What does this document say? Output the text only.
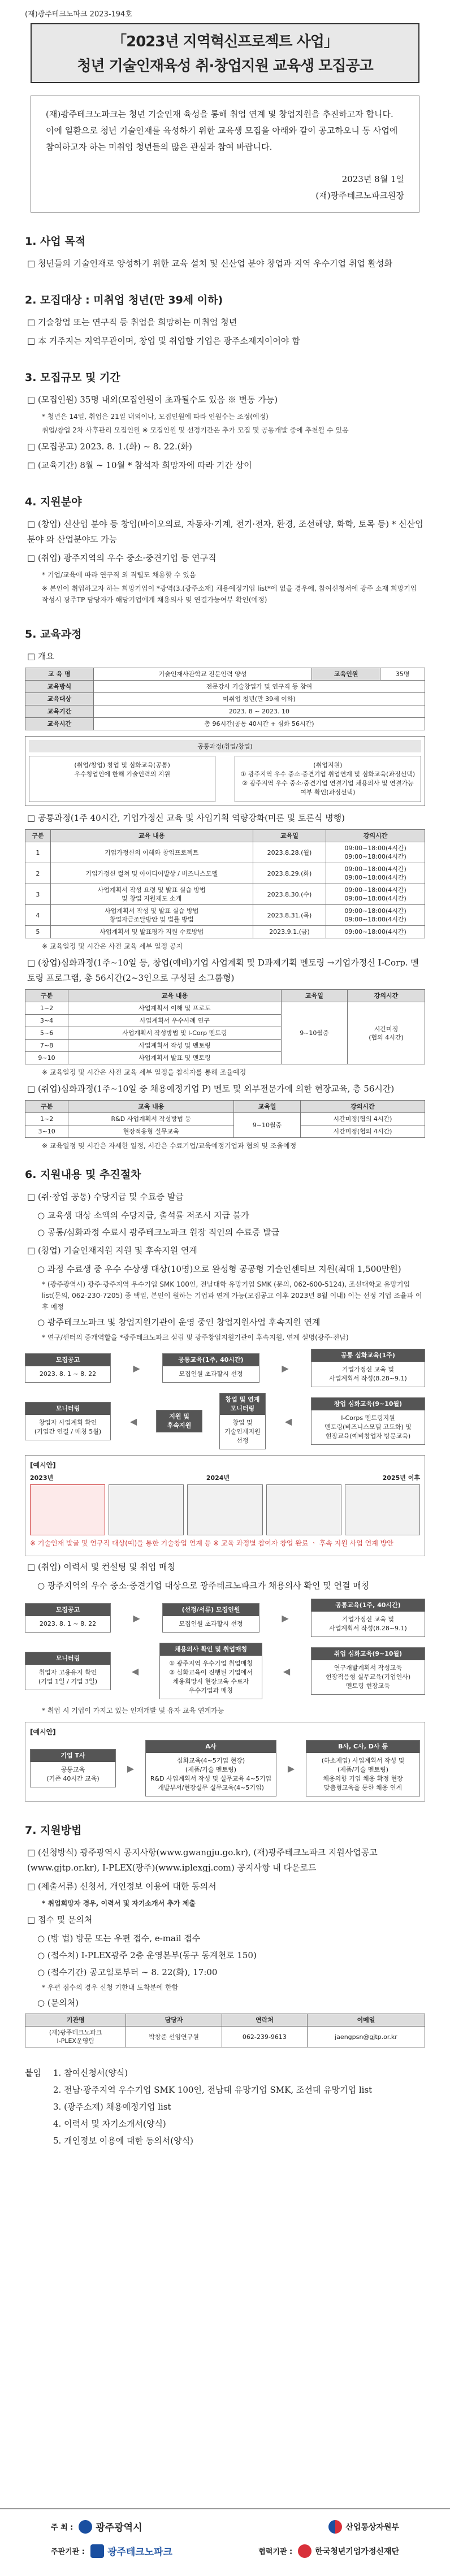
(재)광주테크노파크 2023-194호
「2023년 지역혁신프로젝트 사업」
청년 기술인재육성 취·창업지원 교육생 모집공고
(재)광주테크노파크는 청년 기술인재 육성을 통해 취업 연계 및 창업지원을 추진하고자 합니다. 이에 일환으로 청년 기술인재를 육성하기 위한 교육생 모집을 아래와 같이 공고하오니 동 사업에 참여하고자 하는 미취업 청년들의 많은 관심과 참여 바랍니다.
2023년 8월 1일
(재)광주테크노파크원장
1. 사업 목적
□ 청년들의 기술인재로 양성하기 위한 교육 설치 및 신산업 분야 창업과 지역 우수기업 취업 활성화
2. 모집대상 : 미취업 청년(만 39세 이하)
□ 기술창업 또는 연구직 등 취업을 희망하는 미취업 청년
□ 本 거주지는 지역무관이며, 창업 및 취업할 기업은 광주소재지이어야 함
3. 모집규모 및 기간
□ (모집인원) 35명 내외(모집인원이 초과될수도 있음 ※ 변동 가능)
* 청년은 14일, 취업은 21일 내외이나, 모집인원에 따라 인원수는 조정(예정)
취업/창업 2차 사후관리 모집인원 ※ 모집인원 및 선정기간은 추가 모집 및 공동개발 중에 추천될 수 있음
□ (모집공고) 2023. 8. 1.(화) ~ 8. 22.(화)
□ (교육기간) 8월 ~ 10월 * 참석자 희망자에 따라 기간 상이
4. 지원분야
□ (창업) 신산업 분야 등 창업(바이오의료, 자동차·기계, 전기·전자, 환경, 조선해양, 화학, 토목 등) * 신산업분야 와 산업분야도 가능
□ (취업) 광주지역의 우수 중소·중견기업 등 연구직
* 기업/교육에 따라 연구직 외 직렬도 채용할 수 있음
※ 본인이 취업하고자 하는 희망기업이 *광역(3.(광주소재) 채용예정기업 list*에 없을 경우에, 참여신청서에 광주 소재 희망기업 작성시 광주TP 담당자가 해당기업에게 채용의사 및 연결가능여부 확인(예정)
5. 교육과정
□ 개요
교 육 명	기술인재사관학교 전문인력 양성	교육인원	35명
교육방식	전문강사 기술창업가 및 연구직 등 참여		
교육대상	미취업 청년(만 39세 이하)		
교육기간	2023. 8 ~ 2023. 10		
교육시간	총 96시간(공통 40시간 + 심화 56시간)		
공통과정(취업/창업)
(취업/창업) 창업 및 심화교육(공통)
우수청업인에 한해 기술인력의 지원
(취업지원)
① 광주지역 우수 중소·중견기업 취업연계 및 심화교육(과정선택)
② 광주지역 우수 중소·중견기업 연결기업 채용의사 및 연결가능여부 확인(과정선택)
□ 공통과정(1주 40시간, 기업가정신 교육 및 사업기획 역량강화(미론 및 토론식 병행)
구분	교육 내용	교육일	강의시간
1	기업가정신의 이해와 창업프로젝트	2023.8.28.(월)	09:00~18:00(4시간)
09:00~18:00(4시간)
2	기업가정신 컬쳐 및 아이디어발상 / 비즈니스모델	2023.8.29.(화)	09:00~18:00(4시간)
09:00~18:00(4시간)
3	사업계획서 작성 요령 및 발표 실습 방법
및 창업 지원제도 소개	2023.8.30.(수)	09:00~18:00(4시간)
09:00~18:00(4시간)
4	사업계획서 작성 및 발표 실습 방법
창업자금조달방안 및 법률 방법	2023.8.31.(목)	09:00~18:00(4시간)
09:00~18:00(4시간)
5	사업계획서 및 발표평가 지원 수료방법	2023.9.1.(금)	09:00~18:00(4시간)
※ 교육일정 및 시간은 사전 교육 세부 일정 공지
□ (창업)심화과정(1주~10일 등, 창업(예비)기업 사업계획 및 D과제기획 멘토링 →기업가정신 I-Corp. 멘토링 프로그램, 총 56시간(2~3인으로 구성된 소그룹형)
구분	교육 내용	교육일	강의시간
1~2	사업계획서 이해 및 프로토	9~10월중	시간미정
(협의 4시간)
3~4	사업계획서 우수사례 연구		
5~6	사업계획서 작성방법 및 I-Corp 멘토링		
7~8	사업계획서 작성 및 멘토링		
9~10	사업계획서 발표 및 멘토링		
※ 교육일정 및 시간은 사전 교육 세부 일정을 참석자를 통해 조율예정
□ (취업)심화과정(1주~10일 중 채용예정기업 P) 멘토 및 외부전문가에 의한 현장교육, 총 56시간)
구분	교육 내용	교육일	강의시간
1~2	R&D 사업계획서 작성방법 등	9~10월중	시간미정(협의 4시간)
3~10	현장적응형 실무교육		시간미정(협의 4시간)
※ 교육일정 및 시간은 자세한 일정, 시간은 수료기업/교육예정기업과 협의 및 조율예정
6. 지원내용 및 추진절차
□ (취·창업 공통) 수당지급 및 수료증 발급
○ 교육생 대상 소액의 수당지급, 출석률 저조시 지급 불가
○ 공통/심화과정 수료시 광주테크노파크 원장 직인의 수료증 발급
□ (창업) 기술인재지원 지원 및 후속지원 연계
○ 과정 수료생 중 우수 수상생 대상(10명)으로 완성형 공공형 기술인센티브 지원(최대 1,500만원)
* (광주광역시) 광주·광주지역 우수기업 SMK 100인, 전남대학 유망기업 SMK (문의, 062-600-5124), 조선대학교 유망기업 list(문의, 062-230-7205) 중 택일, 본인이 원하는 기업과 연계 가능(모집공고 이후 2023년 8월 이내) 이는 선정 기업 조율과 이후 예정
○ 광주테크노파크 및 창업지원기관이 운영 중인 창업지원사업 후속지원 연계
* 연구/센터의 중개역할을 *광주테크노파크 설립 및 광주창업지원기관이 후속지원, 연계 설명(광주·전남)
모집공고
2023. 8. 1 ~ 8. 22
▶
공통교육(1주, 40시간)
모집인원 초과할시 선정
▶
공통 심화교육(1주)
기업가정신 교육 및
사업계획서 작성(8.28~9.1)
모니터링
창업자 사업계획 확인
(기업간 연결 / 매칭 5월)
◀	지원 및
후속지원
창업 및 연계
모니터링
창업 및
기술인재지원
선정
◀
창업 심화교육(9~10월)
I-Corps 멘토링지원
멘토링(비즈니스모델 고도화) 및
현장교육(예비창업자 방문교육)
[예시안]
2023년	2024년	2025년 이후
※ 기술인재 발굴 및 연구직 대상(예)을 통한 기술창업 연계 등 ※ 교육 과정별 참여자 창업 완료 ㆍ 후속 지원 사업 연계 방안
□ (취업) 이력서 및 컨설팅 및 취업 매칭
○ 광주지역의 우수 중소·중견기업 대상으로 광주테크노파크가 채용의사 확인 및 연결 매칭
모집공고
2023. 8. 1 ~ 8. 22
▶
(선정/서류) 모집인원
모집인원 초과할시 선정
▶
공통교육(1주, 40시간)
기업가정신 교육 및
사업계획서 작성(8.28~9.1)
모니터링
취업자 고용유지 확인
(기업 1일 / 기업 3일)
◀
채용의사 확인 및 취업매칭
① 광주지역 우수기업 취업매칭
② 심화교육이 진행된 기업에서
채용희망시 현장교육 수료자
우수기업과 매칭
◀
취업 심화교육(9~10월)
연구개발계획서 작성교육
현장적응형 실무교육(기업인사)
멘토링 현장교육
* 취업 시 기업이 가지고 있는 인재개발 및 유자 교육 연계가능
[예시안]
기업 T사
공통교육
(기존 40시간 교육)
▶
A사
심화교육(4~5기업 현장)
(제품/기술 멘토링)
R&D 사업계획서 작성 및 실무교육 4~5기업
개발부서/현장실무 실무교육(4~5기업)
▶
B사, C사, D사 등
(하소재업) 사업계획서 작성 및
(제품/기술 멘토링)
채용의향 기업 채용 확정 현장
맞춤형교육을 통한 채용 연계
7. 지원방법
□ (신청방식) 광주광역시 공지사항(www.gwangju.go.kr), (재)광주테크노파크 지원사업공고(www.gjtp.or.kr), I-PLEX(광주)(www.iplexgj.com) 공지사항 내 다운로드
□ (제출서류) 신청서, 개인정보 이용에 대한 동의서
* 취업희망자 경우, 이력서 및 자기소개서 추가 제출
□ 접수 및 문의처
○ (방 법) 방문 또는 우편 접수, e-mail 접수
○ (접수처) I-PLEX광주 2층 운영본부(동구 동계천로 150)
○ (접수기간) 공고일로부터 ~ 8. 22(화), 17:00
* 우편 접수의 경우 신청 기한내 도착분에 한함
○ (문의처)
기관명	담당자	연락처	이메일
(재)광주테크노파크
I-PLEX운영팀	박창준 선임연구원	062-239-9613	jaengpsn@gjtp.or.kr
붙임	1. 참여신청서(양식)
2. 전남·광주지역 우수기업 SMK 100인, 전남대 유망기업 SMK, 조선대 유망기업 list
3. (광주소재) 채용예정기업 list
4. 이력서 및 자기소개서(양식)
5. 개인정보 이용에 대한 동의서(양식)
주 최 : 광주광역시	산업통상자원부
주관기관 : 광주테크노파크	협력기관 :	한국청년기업가정신재단
